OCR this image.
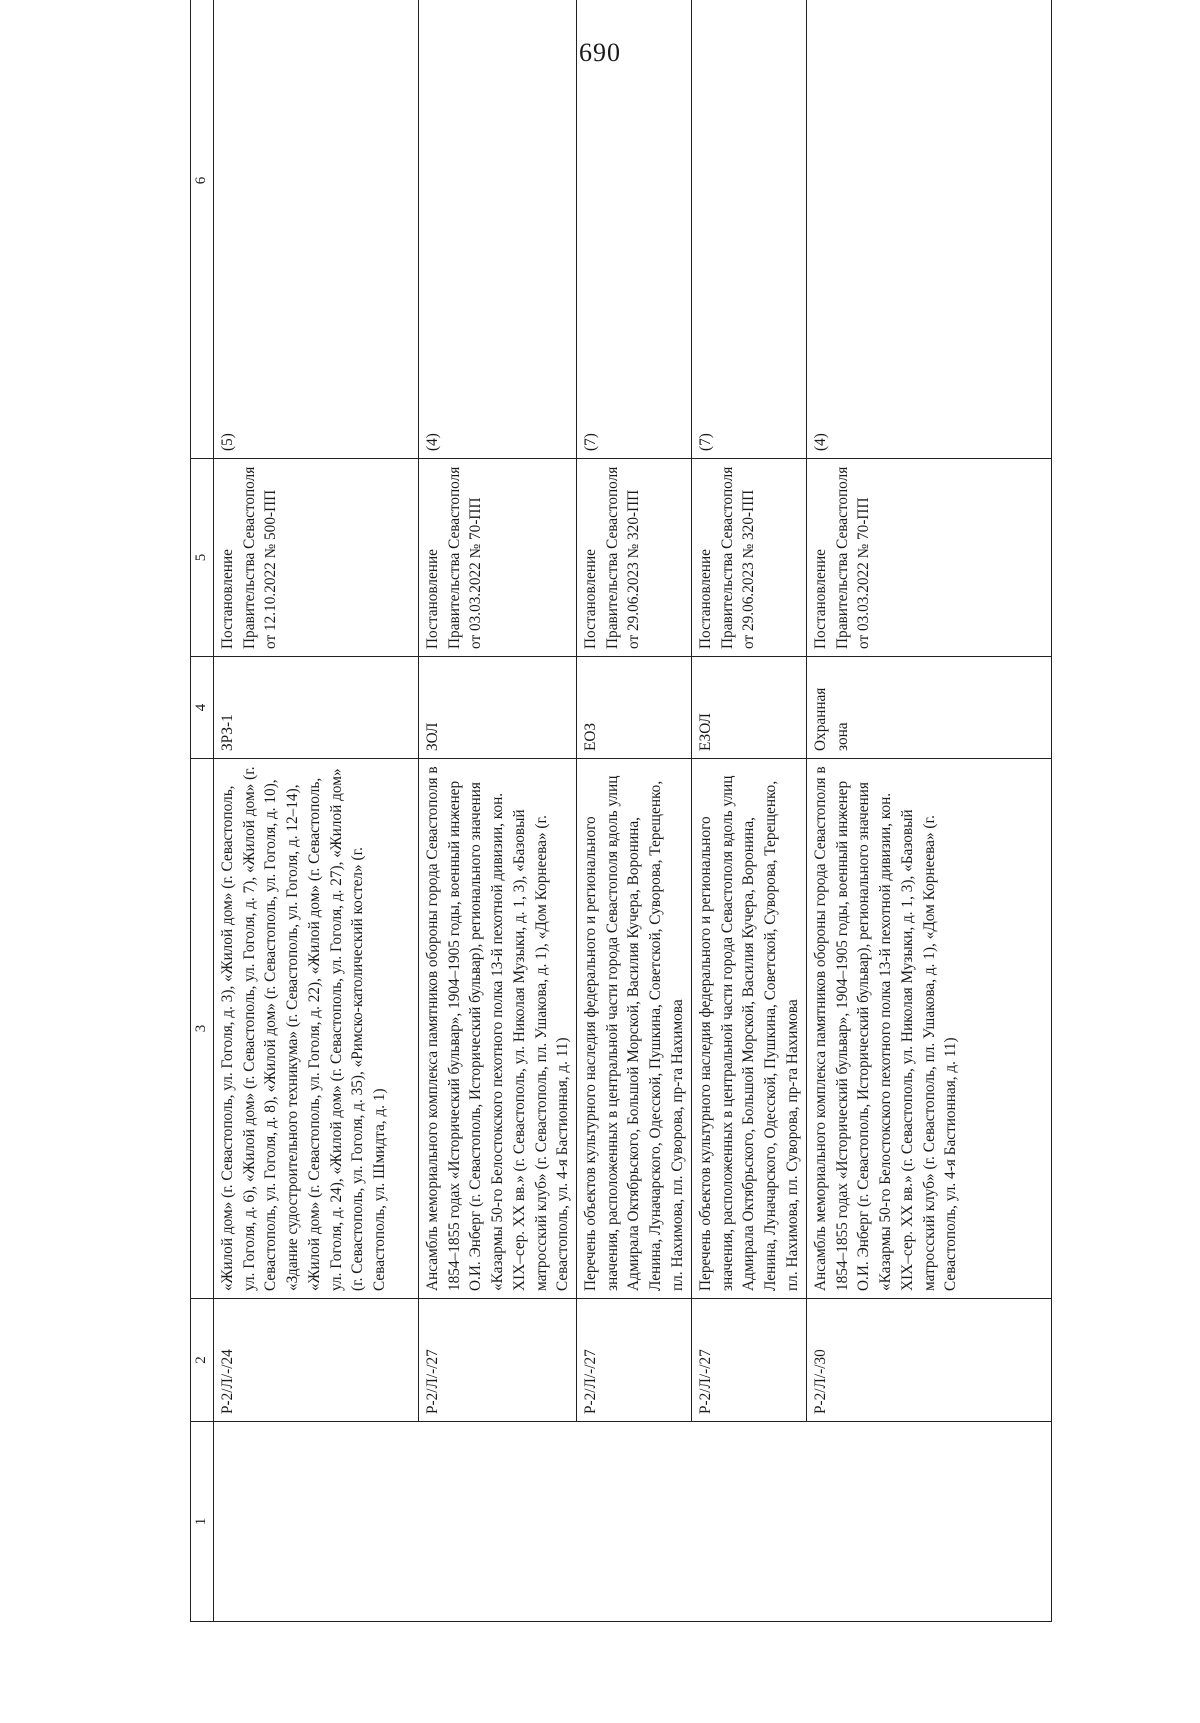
690
1	2	3	4	5	6
	Р-2/Л/-/24	«Жилой дом» (г. Севастополь, ул. Гоголя, д. 3), «Жилой дом» (г. Севастополь, ул. Гоголя, д. 6), «Жилой дом» (г. Севастополь, ул. Гоголя, д. 7), «Жилой дом» (г. Севастополь, ул. Гоголя, д. 8), «Жилой дом» (г. Севастополь, ул. Гоголя, д. 10), «Здание судостроительного техникума» (г. Севастополь, ул. Гоголя, д. 12–14), «Жилой дом» (г. Севастополь, ул. Гоголя, д. 22), «Жилой дом» (г. Севастополь, ул. Гоголя, д. 24), «Жилой дом» (г. Севастополь, ул. Гоголя, д. 27), «Жилой дом» (г. Севастополь, ул. Гоголя, д. 35), «Римско-католический костел» (г. Севастополь, ул. Шмидта, д. 1)	ЗРЗ-1	Постановление Правительства Севастополя от 12.10.2022 № 500-ПП	(5)
	Р-2/Л/-/27	Ансамбль мемориального комплекса памятников обороны города Севастополя в 1854–1855 годах «Исторический бульвар», 1904–1905 годы, военный инженер О.И. Энберг (г. Севастополь, Исторический бульвар), регионального значения «Казармы 50-го Белостокского пехотного полка 13-й пехотной дивизии, кон. XIX–сер. XX вв.» (г. Севастополь, ул. Николая Музыки, д. 1, 3), «Базовый матросский клуб» (г. Севастополь, пл. Ушакова, д. 1), «Дом Корнеева» (г. Севастополь, ул. 4-я Бастионная, д. 11)	ЗОЛ	Постановление Правительства Севастополя от 03.03.2022 № 70-ПП	(4)
	Р-2/Л/-/27	Перечень объектов культурного наследия федерального и регионального значения, расположенных в центральной части города Севастополя вдоль улиц Адмирала Октябрьского, Большой Морской, Василия Кучера, Воронина, Ленина, Луначарского, Одесской, Пушкина, Советской, Суворова, Терещенко, пл. Нахимова, пл. Суворова, пр-та Нахимова	ЕОЗ	Постановление Правительства Севастополя от 29.06.2023 № 320-ПП	(7)
	Р-2/Л/-/27	Перечень объектов культурного наследия федерального и регионального значения, расположенных в центральной части города Севастополя вдоль улиц Адмирала Октябрьского, Большой Морской, Василия Кучера, Воронина, Ленина, Луначарского, Одесской, Пушкина, Советской, Суворова, Терещенко, пл. Нахимова, пл. Суворова, пр-та Нахимова	ЕЗОЛ	Постановление Правительства Севастополя от 29.06.2023 № 320-ПП	(7)
	Р-2/Л/-/30	Ансамбль мемориального комплекса памятников обороны города Севастополя в 1854–1855 годах «Исторический бульвар», 1904–1905 годы, военный инженер О.И. Энберг (г. Севастополь, Исторический бульвар), регионального значения «Казармы 50-го Белостокского пехотного полка 13-й пехотной дивизии, кон. XIX–сер. XX вв.» (г. Севастополь, ул. Николая Музыки, д. 1, 3), «Базовый матросский клуб» (г. Севастополь, пл. Ушакова, д. 1), «Дом Корнеева» (г. Севастополь, ул. 4-я Бастионная, д. 11)	Охранная зона	Постановление Правительства Севастополя от 03.03.2022 № 70-ПП	(4)
